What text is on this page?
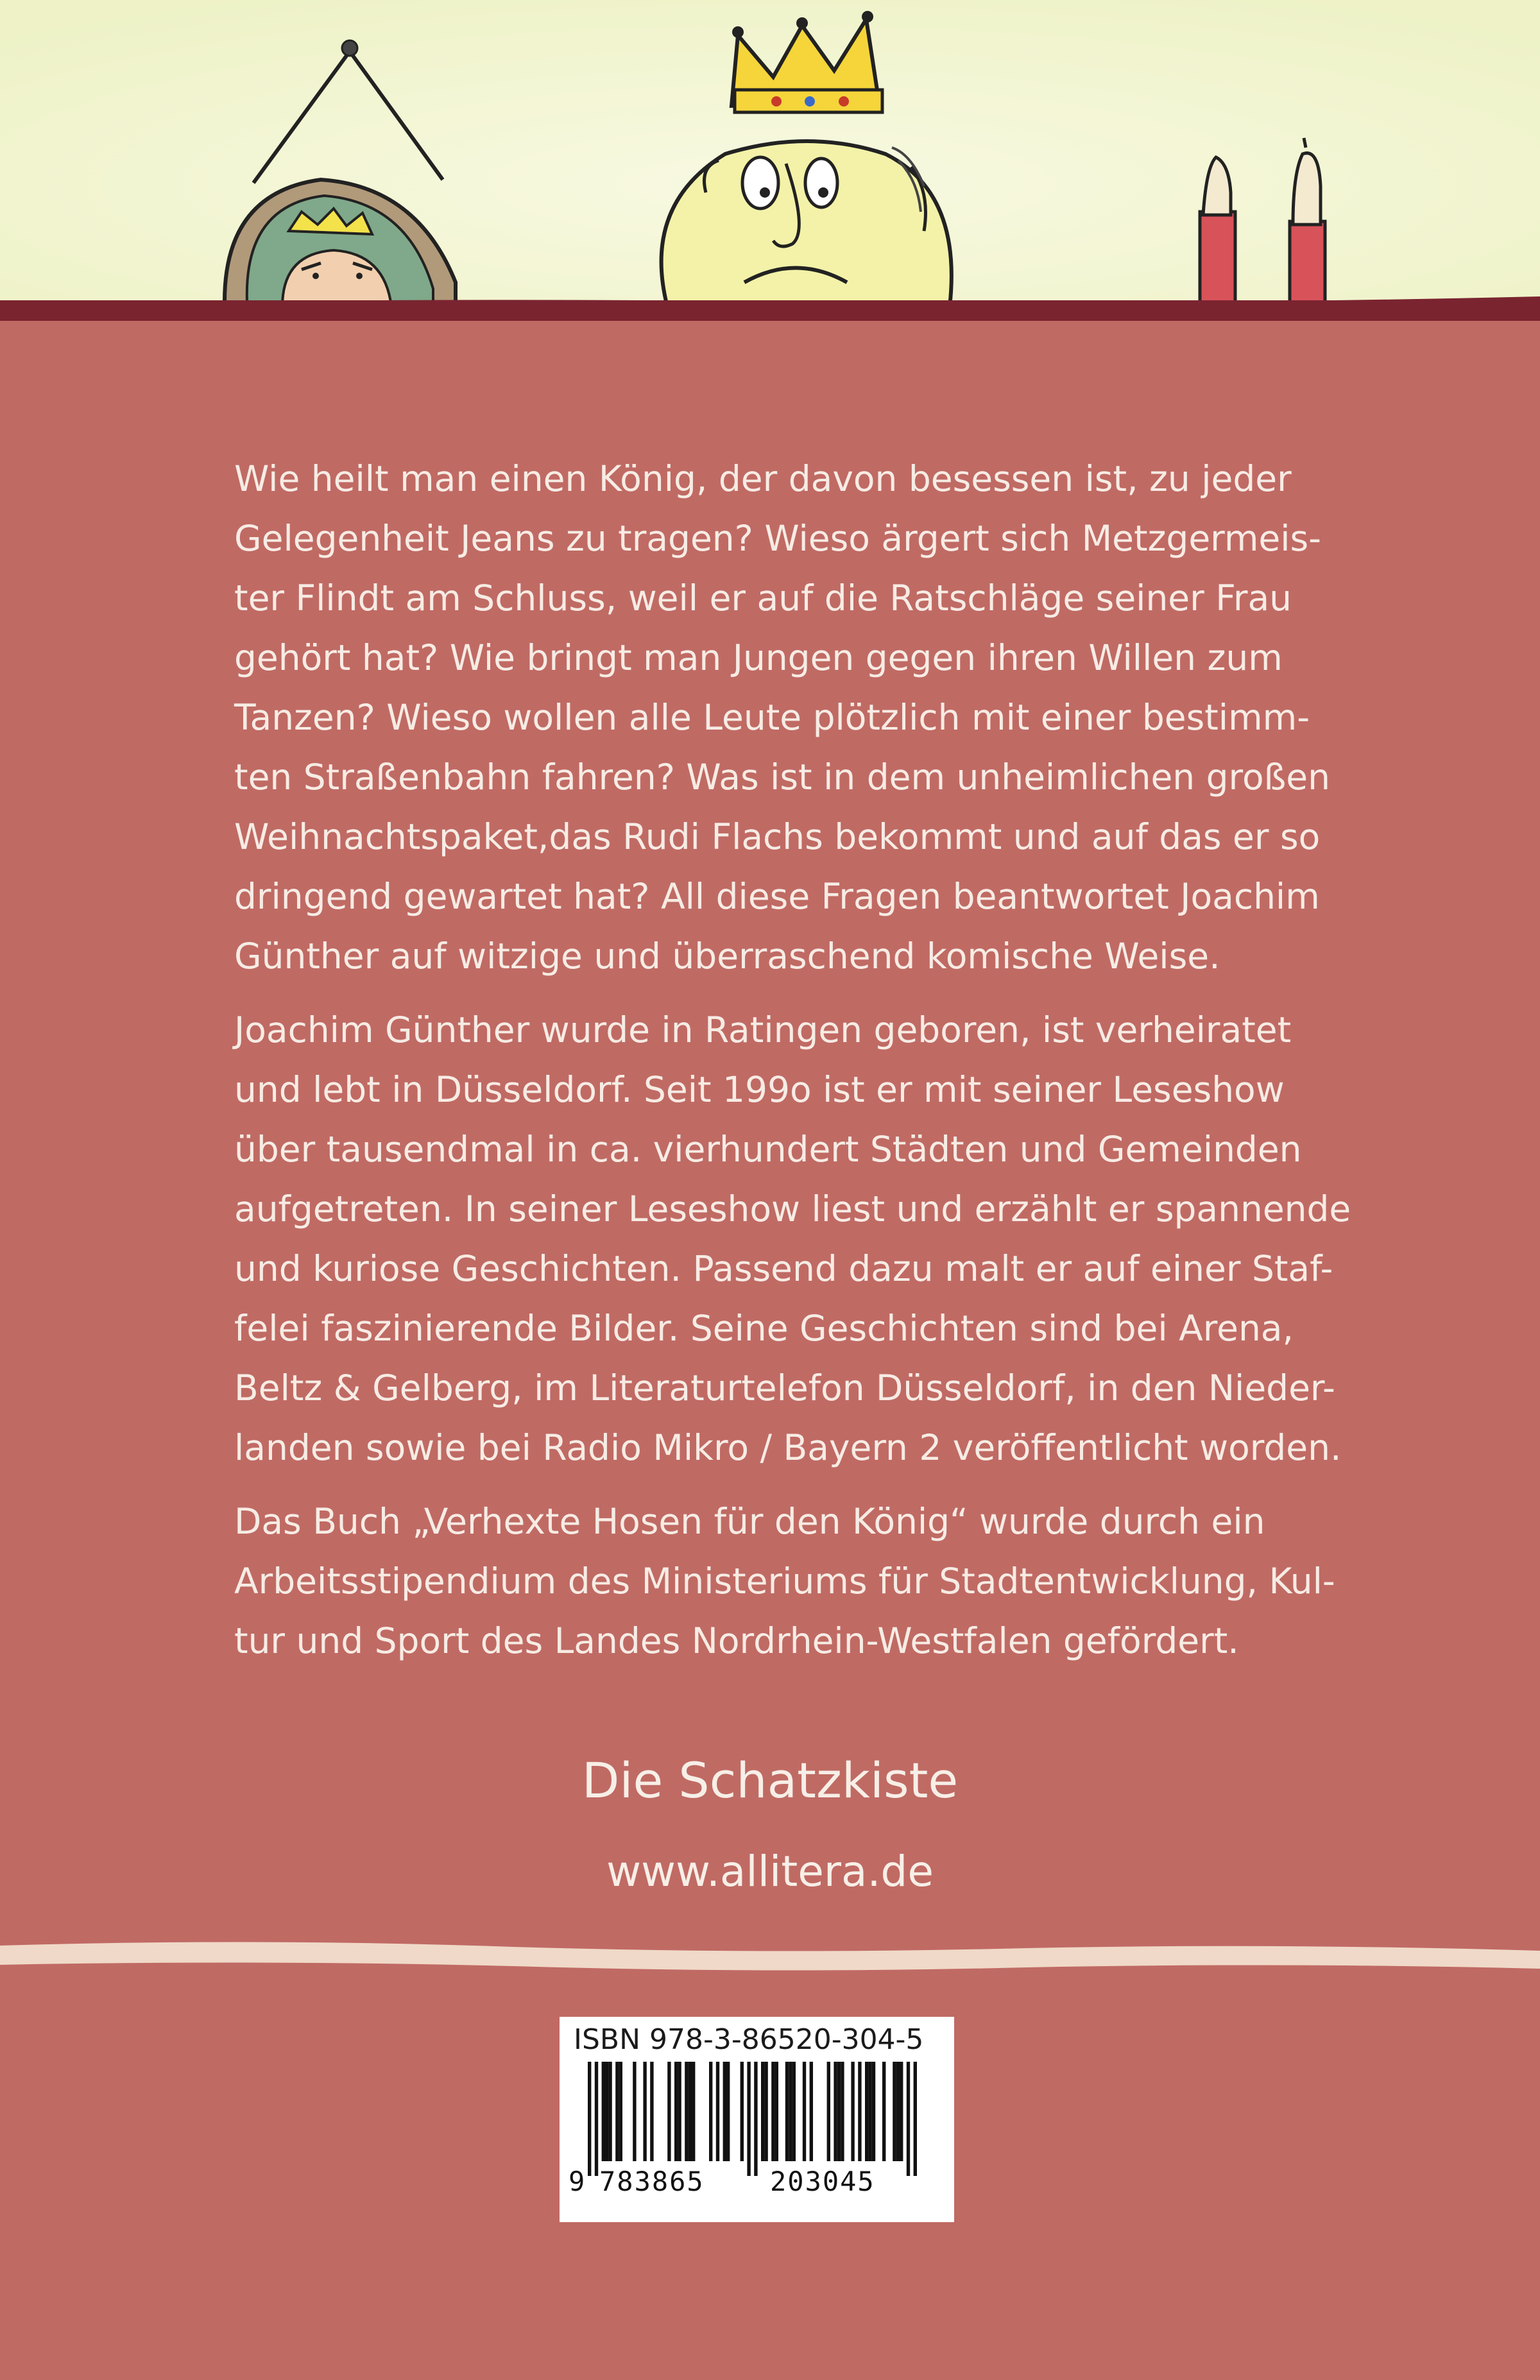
Wie heilt man einen König, der davon besessen ist, zu jeder
Gelegenheit Jeans zu tragen? Wieso ärgert sich Metzgermeis-
ter Flindt am Schluss, weil er auf die Ratschläge seiner Frau
gehört hat? Wie bringt man Jungen gegen ihren Willen zum
Tanzen? Wieso wollen alle Leute plötzlich mit einer bestimm-
ten Straßenbahn fahren? Was ist in dem unheimlichen großen
Weihnachtspaket,das Rudi Flachs bekommt und auf das er so
dringend gewartet hat? All diese Fragen beantwortet Joachim
Günther auf witzige und überraschend komische Weise.

Joachim Günther wurde in Ratingen geboren, ist verheiratet
und lebt in Düsseldorf. Seit 199o ist er mit seiner Leseshow
über tausendmal in ca. vierhundert Städten und Gemeinden
aufgetreten. In seiner Leseshow liest und erzählt er spannende
und kuriose Geschichten. Passend dazu malt er auf einer Staf-
felei faszinierende Bilder. Seine Geschichten sind bei Arena,
Beltz & Gelberg, im Literaturtelefon Düsseldorf, in den Nieder-
landen sowie bei Radio Mikro / Bayern 2 veröffentlicht worden.

Das Buch „Verhexte Hosen für den König“ wurde durch ein
Arbeitsstipendium des Ministeriums für Stadtentwicklung, Kul-
tur und Sport des Landes Nordrhein-Westfalen gefördert.

Die Schatzkiste
www.allitera.de
ISBN 978-3-86520-304-5
9 783865 203045
